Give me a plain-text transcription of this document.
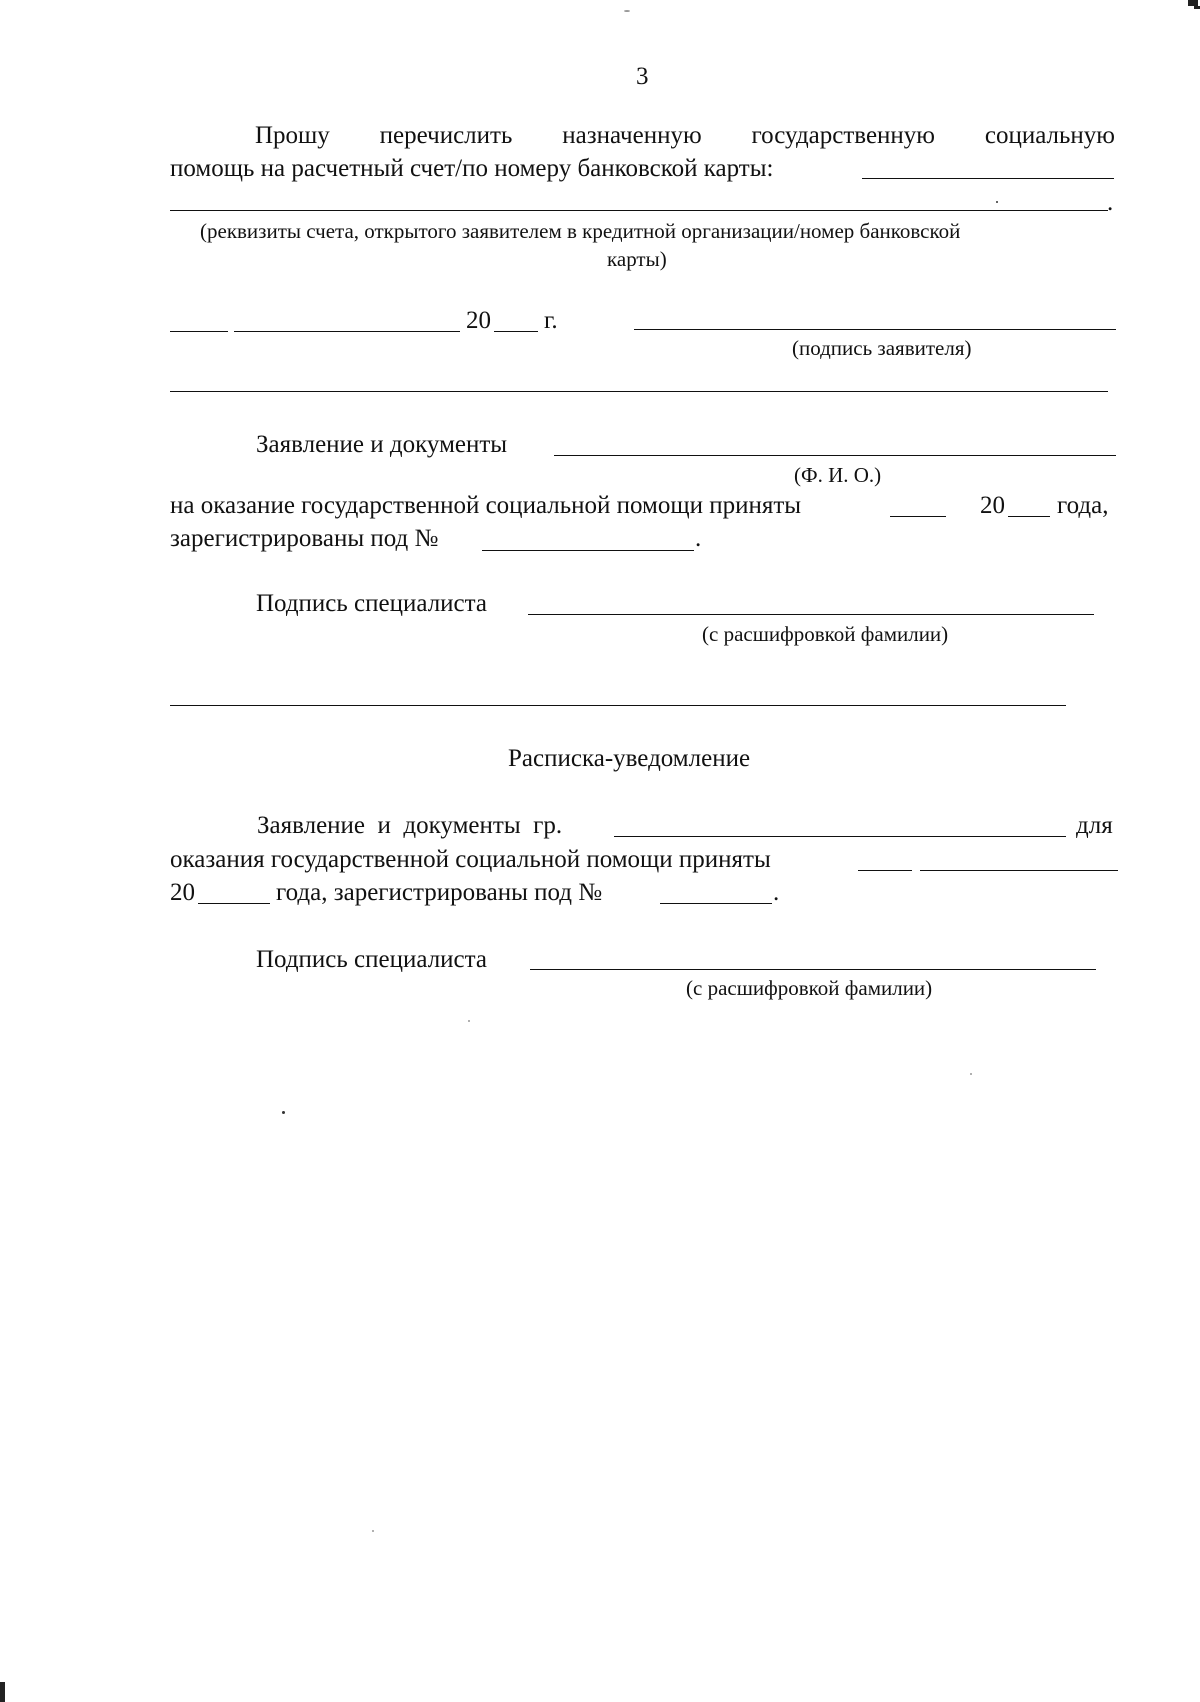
3
Прошу перечислить назначенную государственную социальную
помощь на расчетный счет/по номеру банковской карты:
.
(реквизиты счета, открытого заявителем в кредитной организации/номер банковской
карты)
20 г.
(подпись заявителя)
Заявление и документы
(Ф. И. О.)
на оказание государственной социальной помощи приняты	20 года,
зарегистрированы под №	.
Подпись специалиста
(с расшифровкой фамилии)
Расписка-уведомление
Заявление и документы гр.	для
оказания государственной социальной помощи приняты
20	года, зарегистрированы под №	.
Подпись специалиста
(с расшифровкой фамилии)
